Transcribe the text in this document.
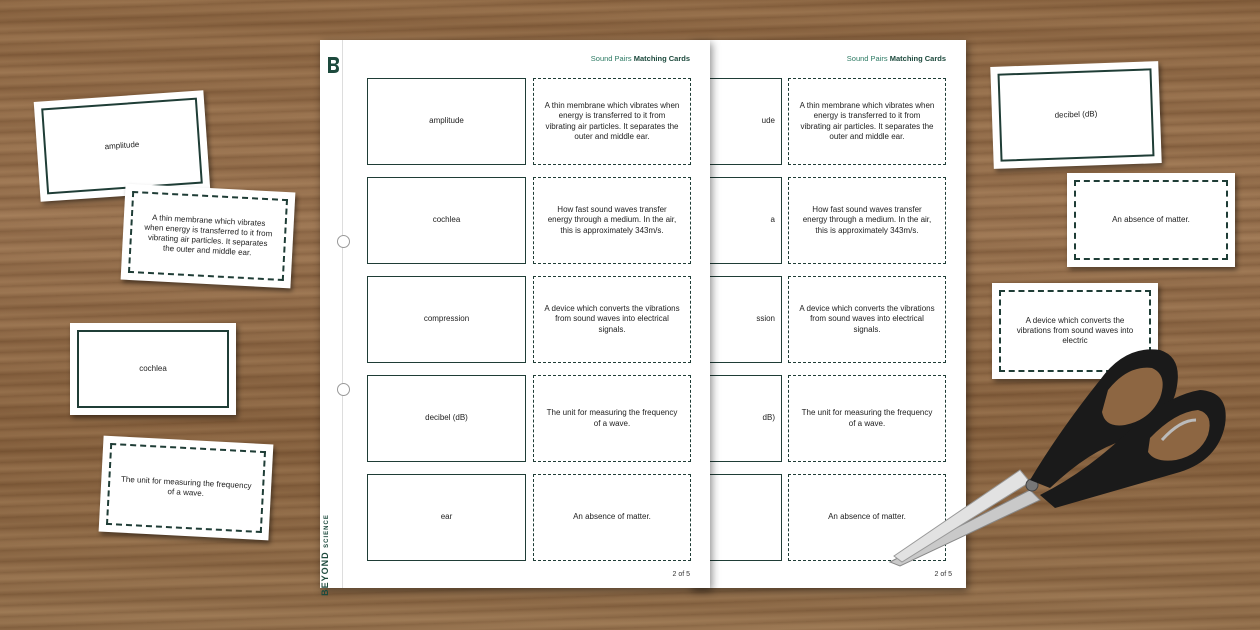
amplitude
A thin membrane which vibrates when energy is transferred to it from vibrating air particles. It separates the outer and middle ear.
cochlea
The unit for measuring the frequency of a wave.
decibel (dB)
An absence of matter.
A device which converts the vibrations from sound waves into electric
Sound Pairs Matching Cards
ude
A thin membrane which vibrates when energy is transferred to it from vibrating air particles. It separates the outer and middle ear.
a
How fast sound waves transfer energy through a medium. In the air, this is approximately 343m/s.
ssion
A device which converts the vibrations from sound waves into electrical signals.
dB)
The unit for measuring the frequency of a wave.
An absence of matter.
2 of 5
BEYOND SCIENCE
Sound Pairs Matching Cards
amplitude
A thin membrane which vibrates when energy is transferred to it from vibrating air particles. It separates the outer and middle ear.
cochlea
How fast sound waves transfer energy through a medium. In the air, this is approximately 343m/s.
compression
A device which converts the vibrations from sound waves into electrical signals.
decibel (dB)
The unit for measuring the frequency of a wave.
ear	An absence of matter.
2 of 5
